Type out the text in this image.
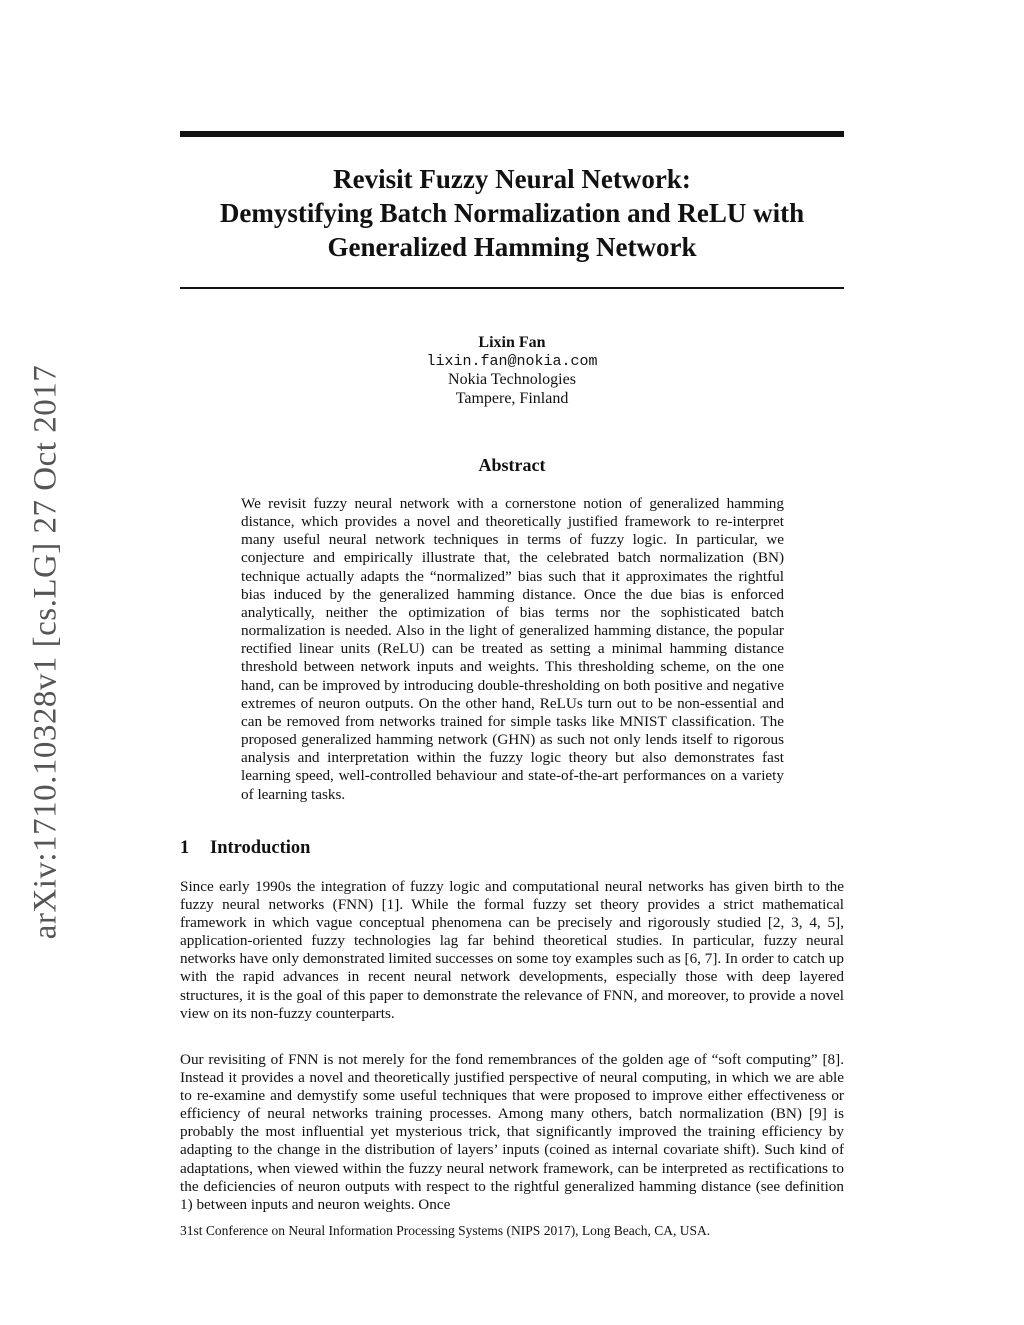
arXiv:1710.10328v1 [cs.LG] 27 Oct 2017
Revisit Fuzzy Neural Network:
Demystifying Batch Normalization and ReLU with
Generalized Hamming Network
Lixin Fan
lixin.fan@nokia.com
Nokia Technologies
Tampere, Finland
Abstract
We revisit fuzzy neural network with a cornerstone notion of generalized hamming distance, which provides a novel and theoretically justified framework to re-interpret many useful neural network techniques in terms of fuzzy logic. In particular, we conjecture and empirically illustrate that, the celebrated batch normalization (BN) technique actually adapts the “normalized” bias such that it approximates the rightful bias induced by the generalized hamming distance. Once the due bias is enforced analytically, neither the optimization of bias terms nor the sophisticated batch normalization is needed. Also in the light of generalized hamming distance, the popular rectified linear units (ReLU) can be treated as setting a minimal hamming distance threshold between network inputs and weights. This thresholding scheme, on the one hand, can be improved by introducing double-thresholding on both positive and negative extremes of neuron outputs. On the other hand, ReLUs turn out to be non-essential and can be removed from networks trained for simple tasks like MNIST classification. The proposed generalized hamming network (GHN) as such not only lends itself to rigorous analysis and interpretation within the fuzzy logic theory but also demonstrates fast learning speed, well-controlled behaviour and state-of-the-art performances on a variety of learning tasks.
1 Introduction

Since early 1990s the integration of fuzzy logic and computational neural networks has given birth to the fuzzy neural networks (FNN) [1]. While the formal fuzzy set theory provides a strict mathematical framework in which vague conceptual phenomena can be precisely and rigorously studied [2, 3, 4, 5], application-oriented fuzzy technologies lag far behind theoretical studies. In particular, fuzzy neural networks have only demonstrated limited successes on some toy examples such as [6, 7]. In order to catch up with the rapid advances in recent neural network developments, especially those with deep layered structures, it is the goal of this paper to demonstrate the relevance of FNN, and moreover, to provide a novel view on its non-fuzzy counterparts.

Our revisiting of FNN is not merely for the fond remembrances of the golden age of “soft computing” [8]. Instead it provides a novel and theoretically justified perspective of neural computing, in which we are able to re-examine and demystify some useful techniques that were proposed to improve either effectiveness or efficiency of neural networks training processes. Among many others, batch normalization (BN) [9] is probably the most influential yet mysterious trick, that significantly improved the training efficiency by adapting to the change in the distribution of layers’ inputs (coined as internal covariate shift). Such kind of adaptations, when viewed within the fuzzy neural network framework, can be interpreted as rectifications to the deficiencies of neuron outputs with respect to the rightful generalized hamming distance (see definition 1) between inputs and neuron weights. Once

31st Conference on Neural Information Processing Systems (NIPS 2017), Long Beach, CA, USA.
